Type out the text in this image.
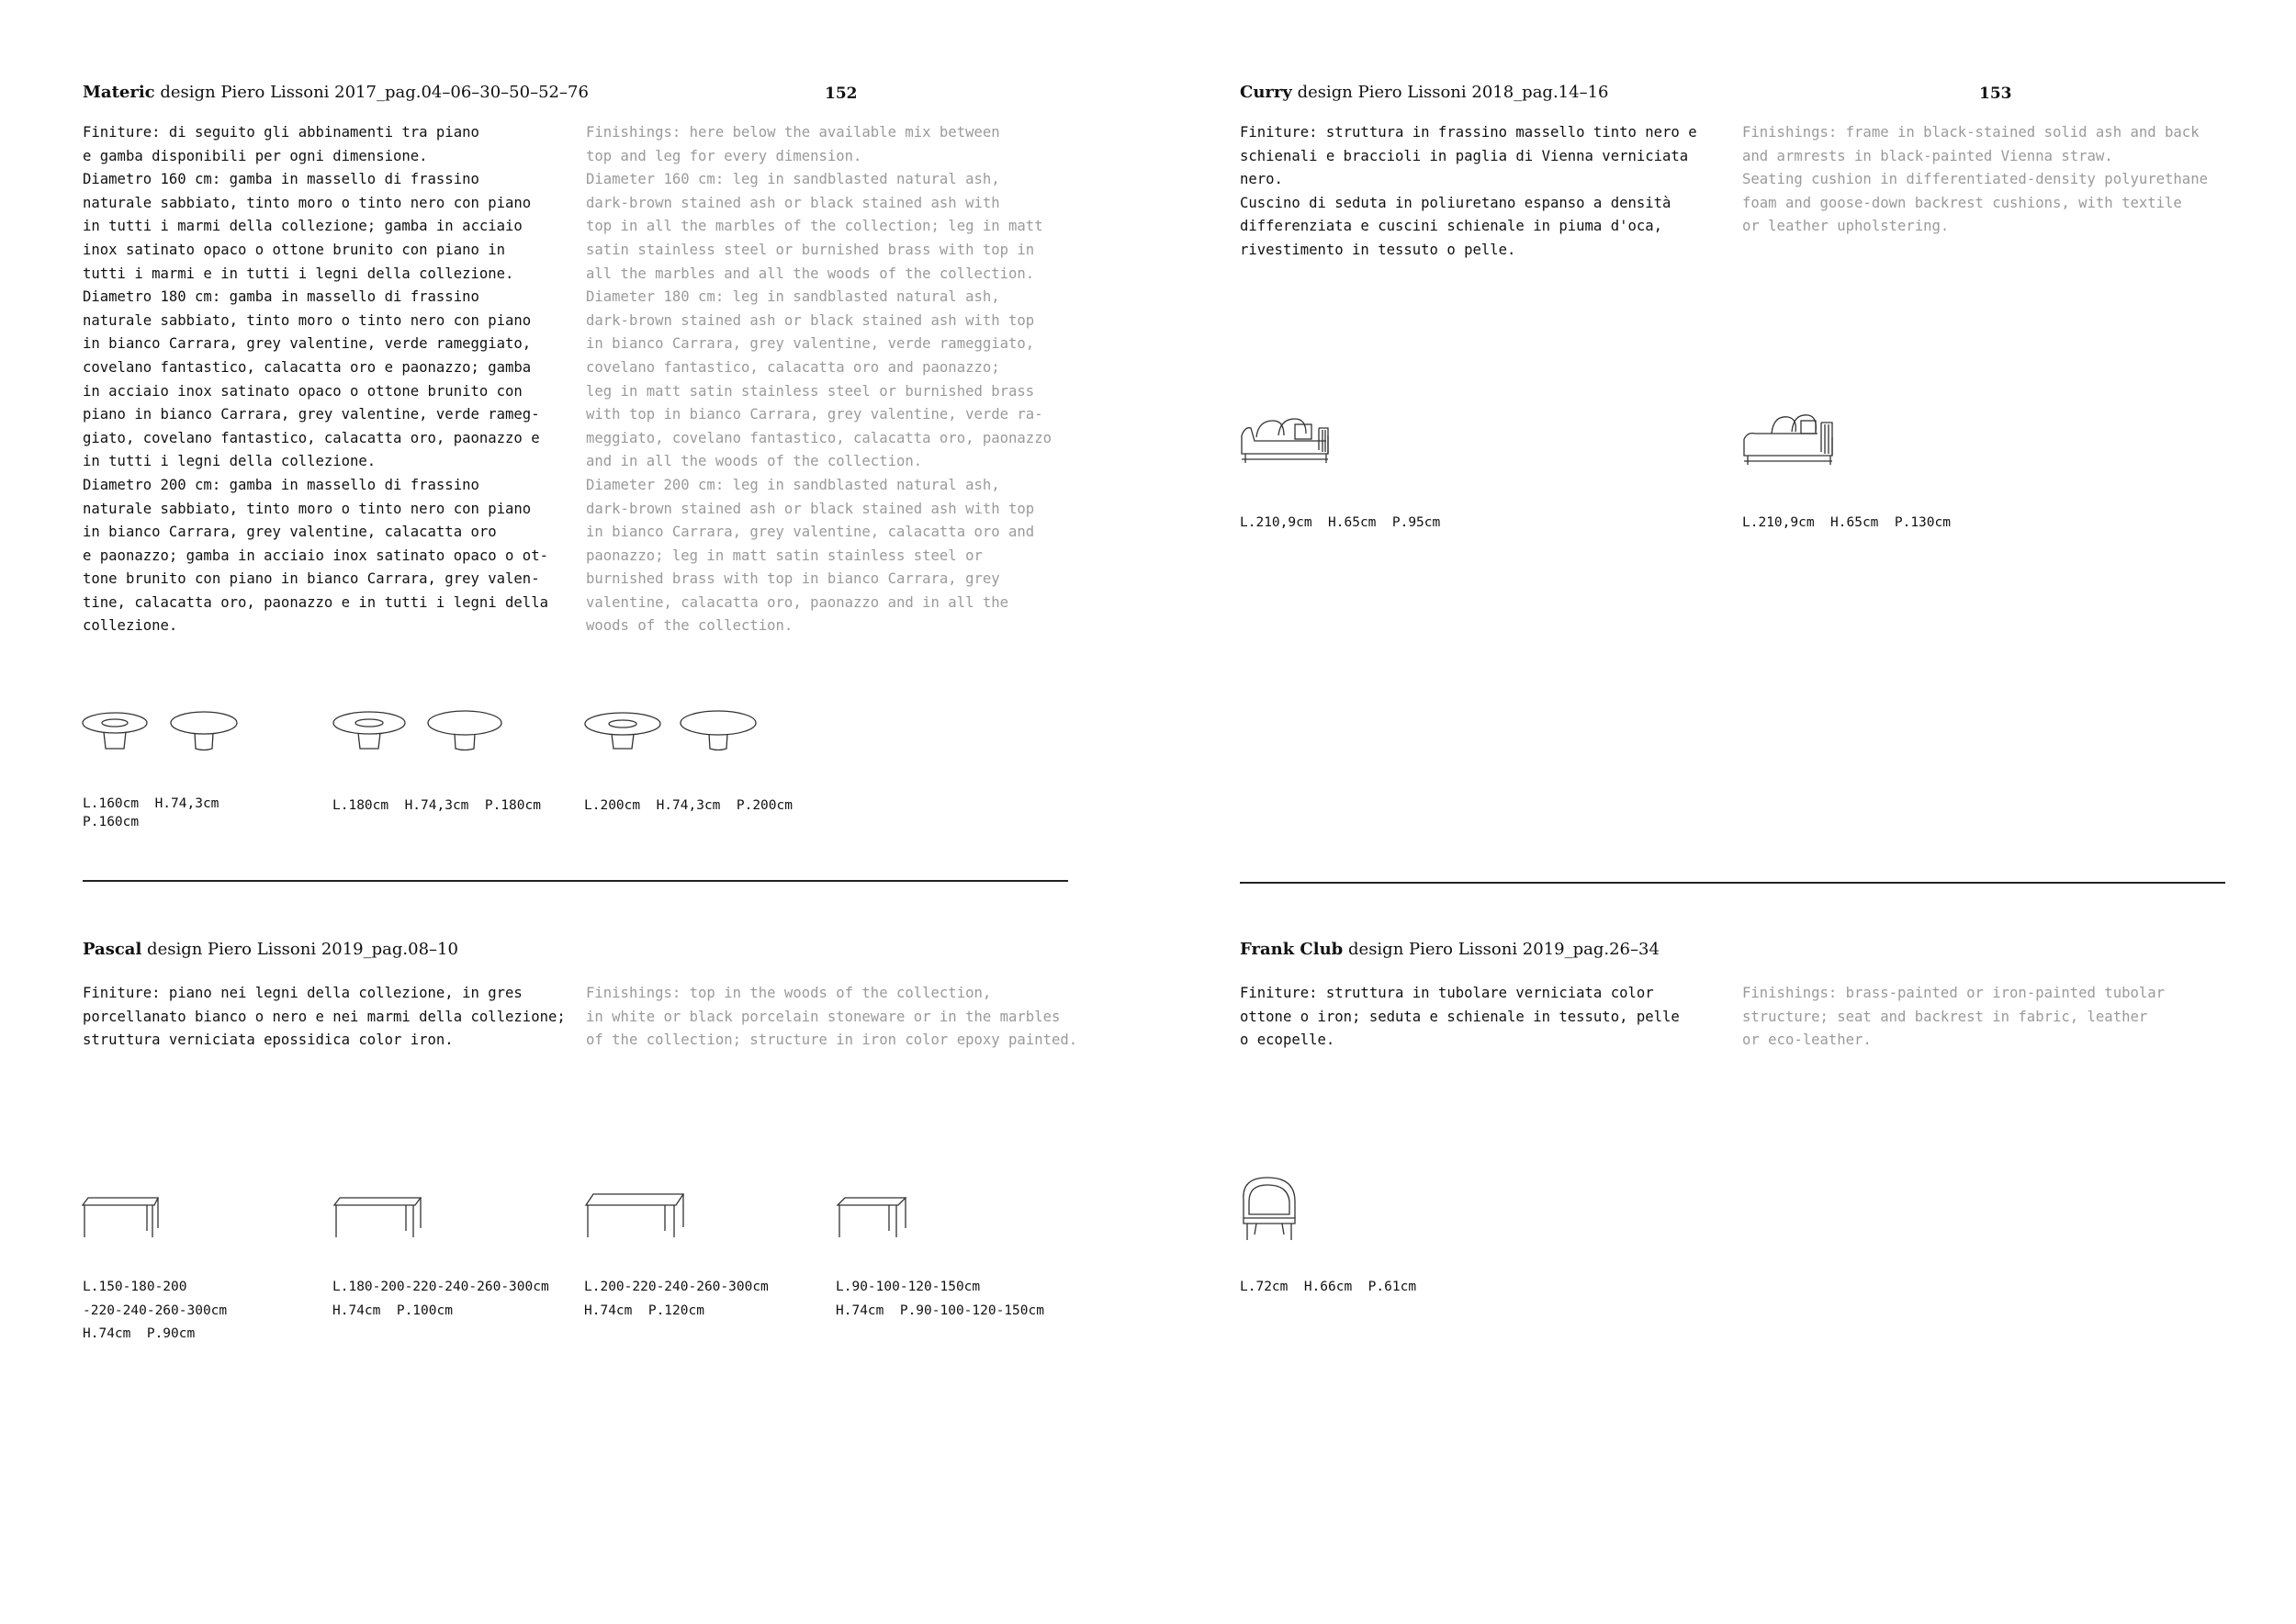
Materic design Piero Lissoni 2017_pag.04–06–30–50–52–76	152
Finiture: di seguito gli abbinamenti tra piano
e gamba disponibili per ogni dimensione.
Diametro 160 cm: gamba in massello di frassino
naturale sabbiato, tinto moro o tinto nero con piano
in tutti i marmi della collezione; gamba in acciaio
inox satinato opaco o ottone brunito con piano in
tutti i marmi e in tutti i legni della collezione.
Diametro 180 cm: gamba in massello di frassino
naturale sabbiato, tinto moro o tinto nero con piano
in bianco Carrara, grey valentine, verde rameggiato,
covelano fantastico, calacatta oro e paonazzo; gamba
in acciaio inox satinato opaco o ottone brunito con
piano in bianco Carrara, grey valentine, verde rameg-
giato, covelano fantastico, calacatta oro, paonazzo e
in tutti i legni della collezione.
Diametro 200 cm: gamba in massello di frassino
naturale sabbiato, tinto moro o tinto nero con piano
in bianco Carrara, grey valentine, calacatta oro
e paonazzo; gamba in acciaio inox satinato opaco o ot-
tone brunito con piano in bianco Carrara, grey valen-
tine, calacatta oro, paonazzo e in tutti i legni della
collezione.
Finishings: here below the available mix between
top and leg for every dimension.
Diameter 160 cm: leg in sandblasted natural ash,
dark-brown stained ash or black stained ash with
top in all the marbles of the collection; leg in matt
satin stainless steel or burnished brass with top in
all the marbles and all the woods of the collection.
Diameter 180 cm: leg in sandblasted natural ash,
dark-brown stained ash or black stained ash with top
in bianco Carrara, grey valentine, verde rameggiato,
covelano fantastico, calacatta oro and paonazzo;
leg in matt satin stainless steel or burnished brass
with top in bianco Carrara, grey valentine, verde ra-
meggiato, covelano fantastico, calacatta oro, paonazzo
and in all the woods of the collection.
Diameter 200 cm: leg in sandblasted natural ash,
dark-brown stained ash or black stained ash with top
in bianco Carrara, grey valentine, calacatta oro and
paonazzo; leg in matt satin stainless steel or
burnished brass with top in bianco Carrara, grey
valentine, calacatta oro, paonazzo and in all the
woods of the collection.
L.160cm  H.74,3cm
P.160cm
L.180cm  H.74,3cm  P.180cm	L.200cm  H.74,3cm  P.200cm
Pascal design Piero Lissoni 2019_pag.08–10
Finiture: piano nei legni della collezione, in gres
porcellanato bianco o nero e nei marmi della collezione;
struttura verniciata epossidica color iron.
Finishings: top in the woods of the collection,
in white or black porcelain stoneware or in the marbles
of the collection; structure in iron color epoxy painted.
L.150-180-200
-220-240-260-300cm
H.74cm  P.90cm
L.180-200-220-240-260-300cm
H.74cm  P.100cm
L.200-220-240-260-300cm
H.74cm  P.120cm
L.90-100-120-150cm
H.74cm  P.90-100-120-150cm
Curry design Piero Lissoni 2018_pag.14–16	153
Finiture: struttura in frassino massello tinto nero e
schienali e braccioli in paglia di Vienna verniciata
nero.
Cuscino di seduta in poliuretano espanso a densità
differenziata e cuscini schienale in piuma d'oca,
rivestimento in tessuto o pelle.
Finishings: frame in black-stained solid ash and back
and armrests in black-painted Vienna straw.
Seating cushion in differentiated-density polyurethane
foam and goose-down backrest cushions, with textile
or leather upholstering.
L.210,9cm  H.65cm  P.95cm	L.210,9cm  H.65cm  P.130cm
Frank Club design Piero Lissoni 2019_pag.26–34
Finiture: struttura in tubolare verniciata color
ottone o iron; seduta e schienale in tessuto, pelle
o ecopelle.
Finishings: brass-painted or iron-painted tubolar
structure; seat and backrest in fabric, leather
or eco-leather.
L.72cm  H.66cm  P.61cm
